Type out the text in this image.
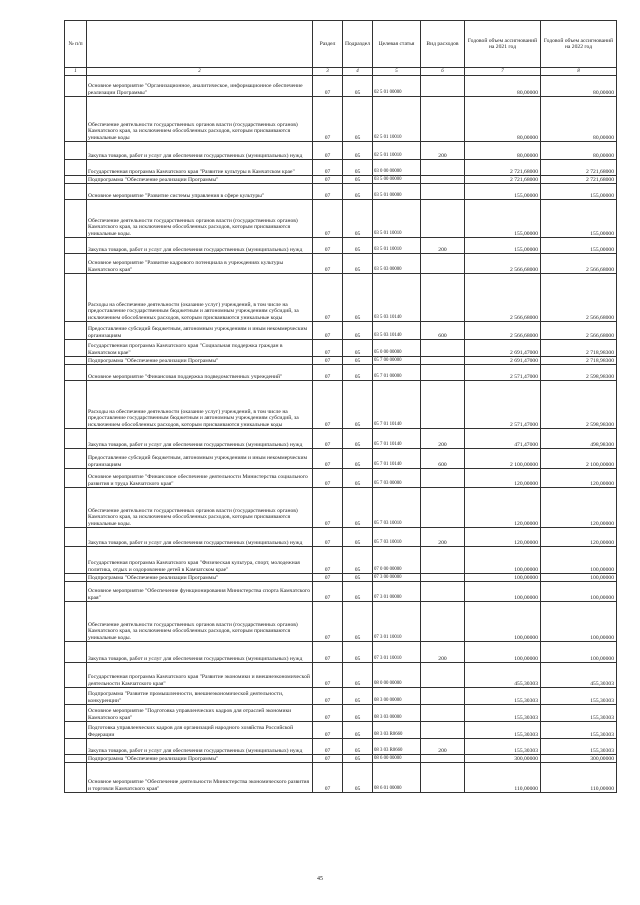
№ п/п		Раздел	Подраздел	Целевая статья	Вид расходов	Годовой объем ассигнований на 2021 год	Годовой объем ассигнований на 2022 год
1	2	3	4	5	6	7	8
	Основное мероприятие "Организационное, аналитическое, информационное обеспечение реализации Программы"	07	05	02 5 01 00000		80,00000	80,00000
	Обеспечение деятельности государственных органов власти (государственных органов) Камчатского края, за исключением обособленных расходов, которым присваиваются уникальные коды	07	05	02 5 01 10010		80,00000	80,00000
	Закупка товаров, работ и услуг для обеспечения государственных (муниципальных) нужд	07	05	02 5 01 10010	200	80,00000	80,00000
	Государственная программа Камчатского края "Развитие культуры в Камчатском крае"	07	05	03 0 00 00000		2 721,68000	2 721,68000
	Подпрограмма "Обеспечение реализации Программы"	07	05	03 5 00 00000		2 721,68000	2 721,68000
	Основное мероприятие "Развитие системы управления в сфере культуры"	07	05	03 5 01 00000		155,00000	155,00000
	Обеспечение деятельности государственных органов власти (государственных органов) Камчатского края, за исключением обособленных расходов, которым присваиваются уникальные коды.	07	05	03 5 01 10010		155,00000	155,00000
	Закупка товаров, работ и услуг для обеспечения государственных (муниципальных) нужд	07	05	03 5 01 10010	200	155,00000	155,00000
	Основное мероприятие "Развитие кадрового потенциала в учреждениях культуры Камчатского края"	07	05	03 5 03 00000		2 566,68000	2 566,68000
	Расходы на обеспечение деятельности (оказание услуг) учреждений, в том числе на предоставление государственным бюджетным и автономным учреждениям субсидий, за исключением обособленных расходов, которым присваиваются уникальные коды	07	05	03 5 03 10140		2 566,68000	2 566,68000
	Предоставление субсидий бюджетным, автономным учреждениям и иным некоммерческим организациям	07	05	03 5 03 10140	600	2 566,68000	2 566,68000
	Государственная программа Камчатского края "Социальная поддержка граждан в Камчатском крае"	07	05	05 0 00 00000		2 691,47000	2 718,98300
	Подпрограмма "Обеспечение реализации Программы"	07	05	05 7 00 00000		2 691,47000	2 718,98300
	Основное мероприятие "Финансовая поддержка подведомственных учреждений"	07	05	05 7 01 00000		2 571,47000	2 598,98300
	Расходы на обеспечение деятельности (оказание услуг) учреждений, в том числе на предоставление государственным бюджетным и автономным учреждениям субсидий, за исключением обособленных расходов, которым присваиваются уникальные коды	07	05	05 7 01 10140		2 571,47000	2 598,98300
	Закупка товаров, работ и услуг для обеспечения государственных (муниципальных) нужд	07	05	05 7 01 10140	200	471,47000	498,98300
	Предоставление субсидий бюджетным, автономным учреждениям и иным некоммерческим организациям	07	05	05 7 01 10140	600	2 100,00000	2 100,00000
	Основное мероприятие "Финансовое обеспечение деятельности Министерства социального развития и труда Камчатского края"	07	05	05 7 03 00000		120,00000	120,00000
	Обеспечение деятельности государственных органов власти (государственных органов) Камчатского края, за исключением обособленных расходов, которым присваиваются уникальные коды.	07	05	05 7 03 10010		120,00000	120,00000
	Закупка товаров, работ и услуг для обеспечения государственных (муниципальных) нужд	07	05	05 7 03 10010	200	120,00000	120,00000
	Государственная программа Камчатского края "Физическая культура, спорт, молодежная политика, отдых и оздоровление детей в Камчатском крае"	07	05	07 0 00 00000		100,00000	100,00000
	Подпрограмма "Обеспечение реализации Программы"	07	05	07 3 00 00000		100,00000	100,00000
	Основное мероприятие "Обеспечение функционирования Министерства спорта Камчатского края"	07	05	07 3 01 00000		100,00000	100,00000
	Обеспечение деятельности государственных органов власти (государственных органов) Камчатского края, за исключением обособленных расходов, которым присваиваются уникальные коды.	07	05	07 3 01 10010		100,00000	100,00000
	Закупка товаров, работ и услуг для обеспечения государственных (муниципальных) нужд	07	05	07 3 01 10010	200	100,00000	100,00000
	Государственная программа Камчатского края "Развитие экономики и внешнеэкономической деятельности Камчатского края"	07	05	08 0 00 00000		455,30303	455,30303
	Подпрограмма "Развитие промышленности, внешнеэкономической деятельности, конкуренции"	07	05	08 3 00 00000		155,30303	155,30303
	Основное мероприятие "Подготовка управленческих кадров для отраслей экономики Камчатского края"	07	05	08 3 03 00000		155,30303	155,30303
	Подготовка управленческих кадров для организаций народного хозяйства Российской Федерации	07	05	08 3 03 R0660		155,30303	155,30303
	Закупка товаров, работ и услуг для обеспечения государственных (муниципальных) нужд	07	05	08 3 03 R0660	200	155,30303	155,30303
	Подпрограмма "Обеспечение реализации Программы"	07	05	08 6 00 00000		300,00000	300,00000
	Основное мероприятие "Обеспечение деятельности Министерства экономического развития и торговли Камчатского края"	07	05	08 6 01 00000		110,00000	110,00000
45
